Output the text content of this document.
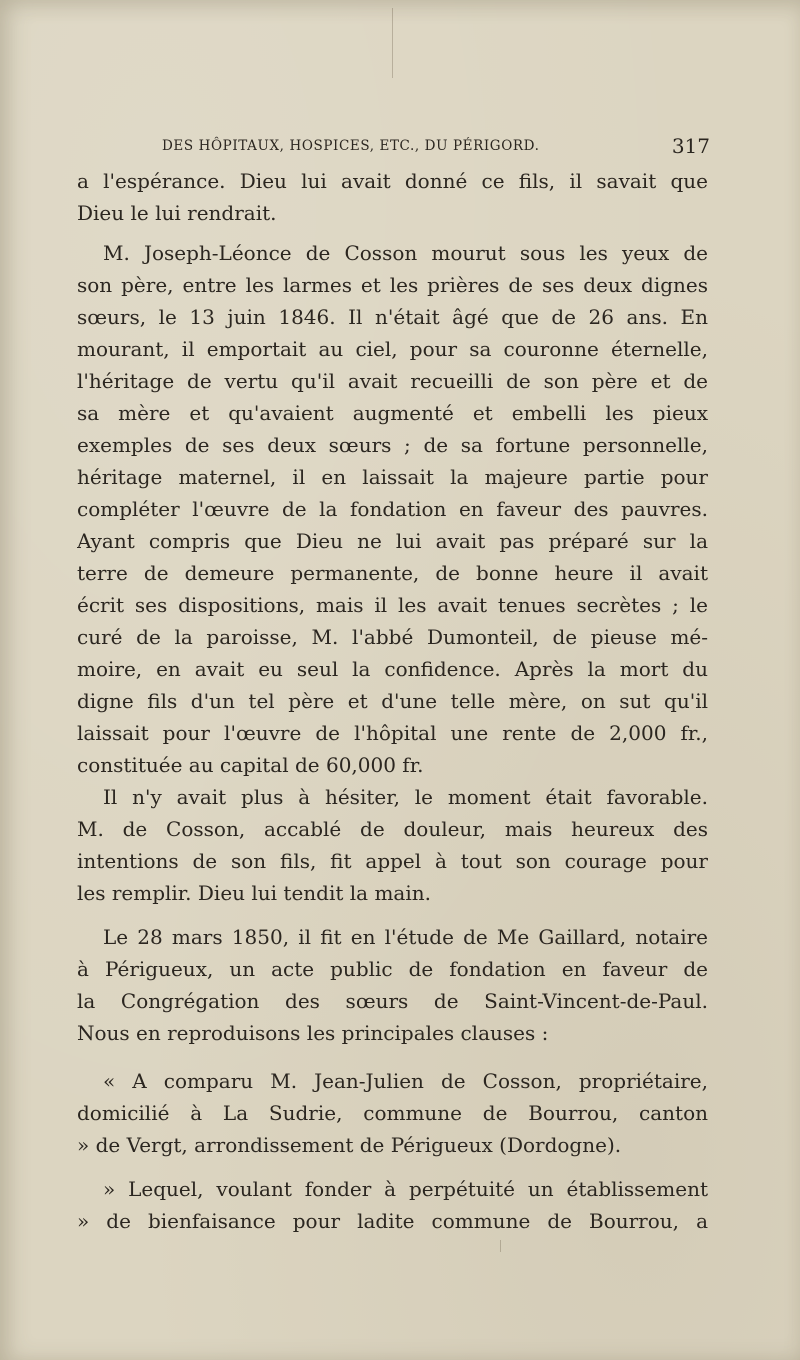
DES HÔPITAUX, HOSPICES, ETC., DU PÉRIGORD.	317
a l'espérance. Dieu lui avait donné ce fils, il savait que
Dieu le lui rendrait.
M. Joseph-Léonce de Cosson mourut sous les yeux de
son père, entre les larmes et les prières de ses deux dignes
sœurs, le 13 juin 1846. Il n'était âgé que de 26 ans. En
mourant, il emportait au ciel, pour sa couronne éternelle,
l'héritage de vertu qu'il avait recueilli de son père et de
sa mère et qu'avaient augmenté et embelli les pieux
exemples de ses deux sœurs ; de sa fortune personnelle,
héritage maternel, il en laissait la majeure partie pour
compléter l'œuvre de la fondation en faveur des pauvres.
Ayant compris que Dieu ne lui avait pas préparé sur la
terre de demeure permanente, de bonne heure il avait
écrit ses dispositions, mais il les avait tenues secrètes ; le
curé de la paroisse, M. l'abbé Dumonteil, de pieuse mé-
moire, en avait eu seul la confidence. Après la mort du
digne fils d'un tel père et d'une telle mère, on sut qu'il
laissait pour l'œuvre de l'hôpital une rente de 2,000 fr.,
constituée au capital de 60,000 fr.
Il n'y avait plus à hésiter, le moment était favorable.
M. de Cosson, accablé de douleur, mais heureux des
intentions de son fils, fit appel à tout son courage pour
les remplir. Dieu lui tendit la main.
Le 28 mars 1850, il fit en l'étude de Me Gaillard, notaire
à Périgueux, un acte public de fondation en faveur de
la Congrégation des sœurs de Saint-Vincent-de-Paul.
Nous en reproduisons les principales clauses :
« A comparu M. Jean-Julien de Cosson, propriétaire,
domicilié à La Sudrie, commune de Bourrou, canton
» de Vergt, arrondissement de Périgueux (Dordogne).
» Lequel, voulant fonder à perpétuité un établissement
» de bienfaisance pour ladite commune de Bourrou, a
